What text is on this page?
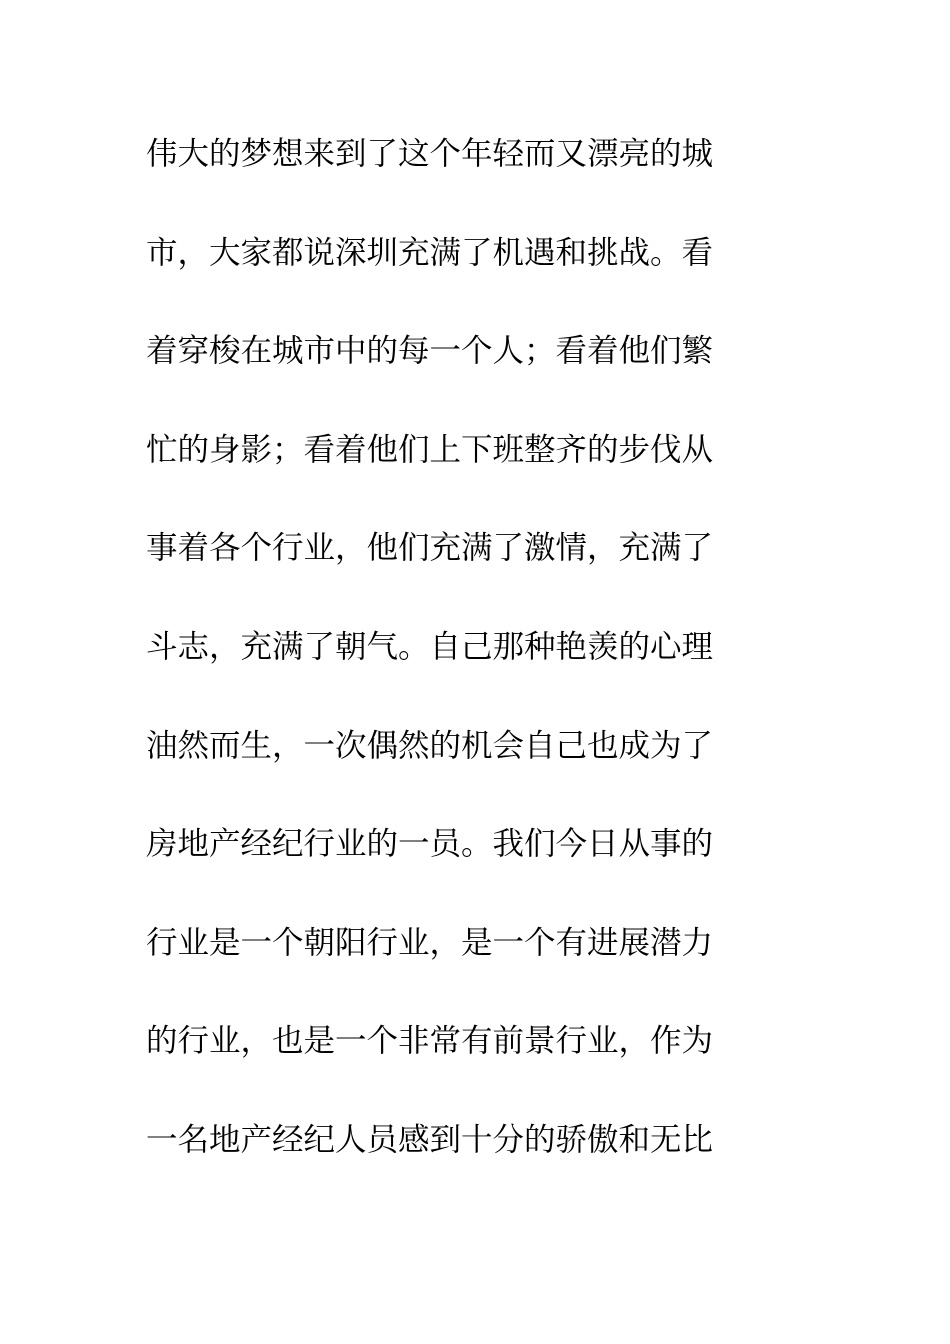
伟大的梦想来到了这个年轻而又漂亮的城
市，大家都说深圳充满了机遇和挑战。看
着穿梭在城市中的每一个人；看着他们繁
忙的身影；看着他们上下班整齐的步伐从
事着各个行业，他们充满了激情，充满了
斗志，充满了朝气。自己那种艳羡的心理
油然而生，一次偶然的机会自己也成为了
房地产经纪行业的一员。我们今日从事的
行业是一个朝阳行业，是一个有进展潜力
的行业，也是一个非常有前景行业，作为
一名地产经纪人员感到十分的骄傲和无比
